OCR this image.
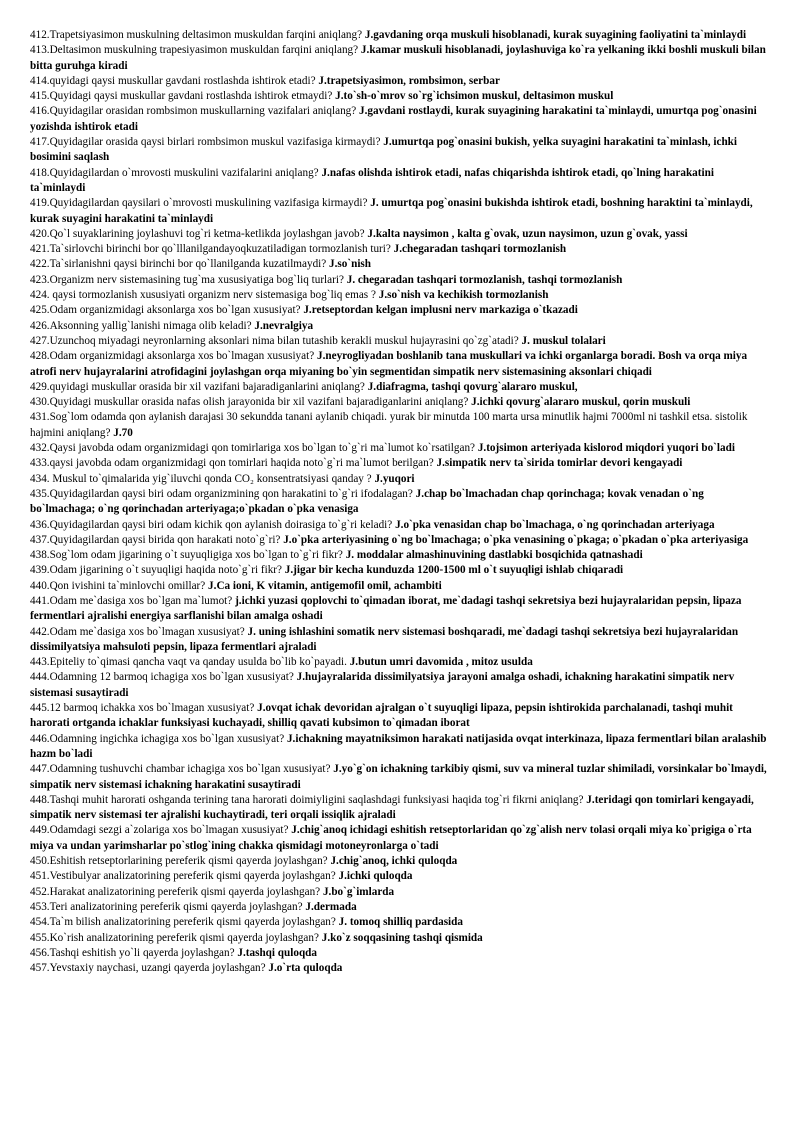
412.Trapetsiyasimon muskulning deltasimon muskuldan farqini aniqlang? J.gavdaning orqa muskuli hisoblanadi, kurak suyagining faoliyatini ta`minlaydi

413.Deltasimon muskulning trapesiyasimon muskuldan farqini aniqlang? J.kamar muskuli hisoblanadi, joylashuviga ko`ra yelkaning ikki boshli muskuli bilan bitta guruhga kiradi

414.quyidagi qaysi muskullar gavdani rostlashda ishtirok etadi? J.trapetsiyasimon, rombsimon, serbar

415.Quyidagi qaysi muskullar gavdani rostlashda ishtirok etmaydi? J.to`sh-o`mrov so`rg`ichsimon muskul, deltasimon muskul

416.Quyidagilar orasidan rombsimon muskullarning vazifalari aniqlang? J.gavdani rostlaydi, kurak suyagining harakatini ta`minlaydi, umurtqa pog`onasini yozishda ishtirok etadi

417.Quyidagilar orasida qaysi birlari rombsimon muskul vazifasiga kirmaydi? J.umurtqa pog`onasini bukish, yelka suyagini harakatini ta`minlash, ichki bosimini saqlash

418.Quyidagilardan o`mrovosti muskulini vazifalarini aniqlang? J.nafas olishda ishtirok etadi, nafas chiqarishda ishtirok etadi, qo`lning harakatini ta`minlaydi

419.Quyidagilardan qaysilari o`mrovosti muskulining vazifasiga kirmaydi? J. umurtqa pog`onasini bukishda ishtirok etadi, boshning haraktini ta`minlaydi, kurak suyagini harakatini ta`minlaydi

420.Qo`l suyaklarining joylashuvi tog`ri ketma-ketlikda joylashgan javob? J.kalta naysimon , kalta g`ovak, uzun naysimon, uzun g`ovak, yassi

421.Ta`sirlovchi birinchi bor qo`lllanilgandayoqkuzatiladigan tormozlanish turi? J.chegaradan tashqari tormozlanish

422.Ta`sirlanishni qaysi birinchi bor qo`llanilganda kuzatilmaydi? J.so`nish

423.Organizm nerv sistemasining tug`ma xususiyatiga bog`liq turlari? J. chegaradan tashqari tormozlanish, tashqi tormozlanish

424. qaysi tormozlanish xususiyati organizm nerv sistemasiga bog`liq emas ? J.so`nish va kechikish tormozlanish

425.Odam organizmidagi aksonlarga xos bo`lgan xususiyat? J.retseptordan kelgan implusni nerv markaziga o`tkazadi

426.Aksonning yallig`lanishi nimaga olib keladi? J.nevralgiya

427.Uzunchoq miyadagi neyronlarning aksonlari nima bilan tutashib kerakli muskul hujayrasini qo`zg`atadi? J. muskul tolalari

428.Odam organizmidagi aksonlarga xos bo`lmagan xususiyat? J.neyrogliyadan boshlanib tana muskullari va ichki organlarga boradi. Bosh va orqa miya atrofi nerv hujayralarini atrofidagini joylashgan orqa miyaning bo`yin segmentidan simpatik nerv sistemasining aksonlari chiqadi

429.quyidagi muskullar orasida bir xil vazifani bajaradiganlarini aniqlang? J.diafragma, tashqi qovurg`alararo muskul,

430.Quyidagi muskullar orasida nafas olish jarayonida bir xil vazifani bajaradiganlarini aniqlang? J.ichki qovurg`alararo muskul, qorin muskuli

431.Sog`lom odamda qon aylanish darajasi 30 sekundda tanani aylanib chiqadi. yurak bir minutda 100 marta ursa minutlik hajmi 7000ml ni tashkil etsa. sistolik hajmini aniqlang? J.70

432.Qaysi javobda odam organizmidagi qon tomirlariga xos bo`lgan to`g`ri ma`lumot ko`rsatilgan? J.tojsimon arteriyada kislorod miqdori yuqori bo`ladi

433.qaysi javobda odam organizmidagi qon tomirlari haqida noto`g`ri ma`lumot berilgan? J.simpatik nerv ta`sirida tomirlar devori kengayadi

434. Muskul to`qimalarida yig`iluvchi qonda CO₂ konsentratsiyasi qanday ? J.yuqori

435.Quyidagilardan qaysi biri odam organizmining qon harakatini to`g`ri ifodalagan? J.chap bo`lmachadan chap qorinchaga; kovak venadan o`ng bo`lmachaga; o`ng qorinchadan arteriyaga;o`pkadan o`pka venasiga

436.Quyidagilardan qaysi biri odam kichik qon aylanish doirasiga to`g`ri keladi? J.o`pka venasidan chap bo`lmachaga, o`ng qorinchadan arteriyaga

437.Quyidagilardan qaysi birida qon harakati noto`g`ri? J.o`pka arteriyasining o`ng bo`lmachaga; o`pka venasining o`pkaga; o`pkadan o`pka arteriyasiga

438.Sog`lom odam jigarining o`t suyuqligiga xos bo`lgan to`g`ri fikr? J. moddalar almashinuvining dastlabki bosqichida qatnashadi

439.Odam jigarining o`t suyuqligi haqida noto`g`ri fikr? J.jigar bir kecha kunduzda 1200-1500 ml o`t suyuqligi ishlab chiqaradi

440.Qon ivishini ta`minlovchi omillar? J.Ca ioni, K vitamin, antigemofil omil, achambiti

441.Odam me`dasiga xos bo`lgan ma`lumot? j.ichki yuzasi qoplovchi to`qimadan iborat, me`dadagi tashqi sekretsiya bezi hujayralaridan pepsin, lipaza fermentlari ajralishi energiya sarflanishi bilan amalga oshadi

442.Odam me`dasiga xos bo`lmagan xususiyat? J. uning ishlashini somatik nerv sistemasi boshqaradi, me`dadagi tashqi sekretsiya bezi hujayralaridan dissimilyatsiya mahsuloti pepsin, lipaza fermentlari ajraladi

443.Epiteliy to`qimasi qancha vaqt va qanday usulda bo`lib ko`payadi. J.butun umri davomida , mitoz usulda

444.Odamning 12 barmoq ichagiga xos bo`lgan xususiyat? J.hujayralarida dissimilyatsiya jarayoni amalga oshadi, ichakning harakatini simpatik nerv sistemasi susaytiradi

445.12 barmoq ichakka xos bo`lmagan xususiyat? J.ovqat ichak devoridan ajralgan o`t suyuqligi lipaza, pepsin ishtirokida parchalanadi, tashqi muhit harorati ortganda ichaklar funksiyasi kuchayadi, shilliq qavati kubsimon to`qimadan iborat

446.Odamning ingichka ichagiga xos bo`lgan xususiyat? J.ichakning mayatniksimon harakati natijasida ovqat interkinaza, lipaza fermentlari bilan aralashib hazm bo`ladi

447.Odamning tushuvchi chambar ichagiga xos bo`lgan xususiyat? J.yo`g`on ichakning tarkibiy qismi, suv va mineral tuzlar shimiladi, vorsinkalar bo`lmaydi, simpatik nerv sistemasi ichakning harakatini susaytiradi

448.Tashqi muhit harorati oshganda terining tana harorati doimiyligini saqlashdagi funksiyasi haqida tog`ri fikrni aniqlang? J.teridagi qon tomirlari kengayadi, simpatik nerv sistemasi ter ajralishi kuchaytiradi, teri orqali issiqlik ajraladi

449.Odamdagi sezgi a`zolariga xos bo`lmagan xususiyat? J.chig`anoq ichidagi eshitish retseptorlaridan qo`zg`alish nerv tolasi orqali miya ko`prigiga o`rta miya va undan yarimsharlar po`stlog`ining chakka qismidagi motoneyronlarga o`tadi

450.Eshitish retseptorlarining pereferik qismi qayerda joylashgan? J.chig`anoq, ichki quloqda

451.Vestibulyar analizatorining pereferik qismi qayerda joylashgan? J.ichki quloqda

452.Harakat analizatorining pereferik qismi qayerda joylashgan? J.bo`g`imlarda

453.Teri analizatorining pereferik qismi qayerda joylashgan? J.dermada

454.Ta`m bilish analizatorining pereferik qismi qayerda joylashgan? J. tomoq shilliq pardasida

455.Ko`rish analizatorining pereferik qismi qayerda joylashgan? J.ko`z soqqasining tashqi qismida

456.Tashqi eshitish yo`li qayerda joylashgan? J.tashqi quloqda

457.Yevstaxiy naychasi, uzangi qayerda joylashgan? J.o`rta quloqda
